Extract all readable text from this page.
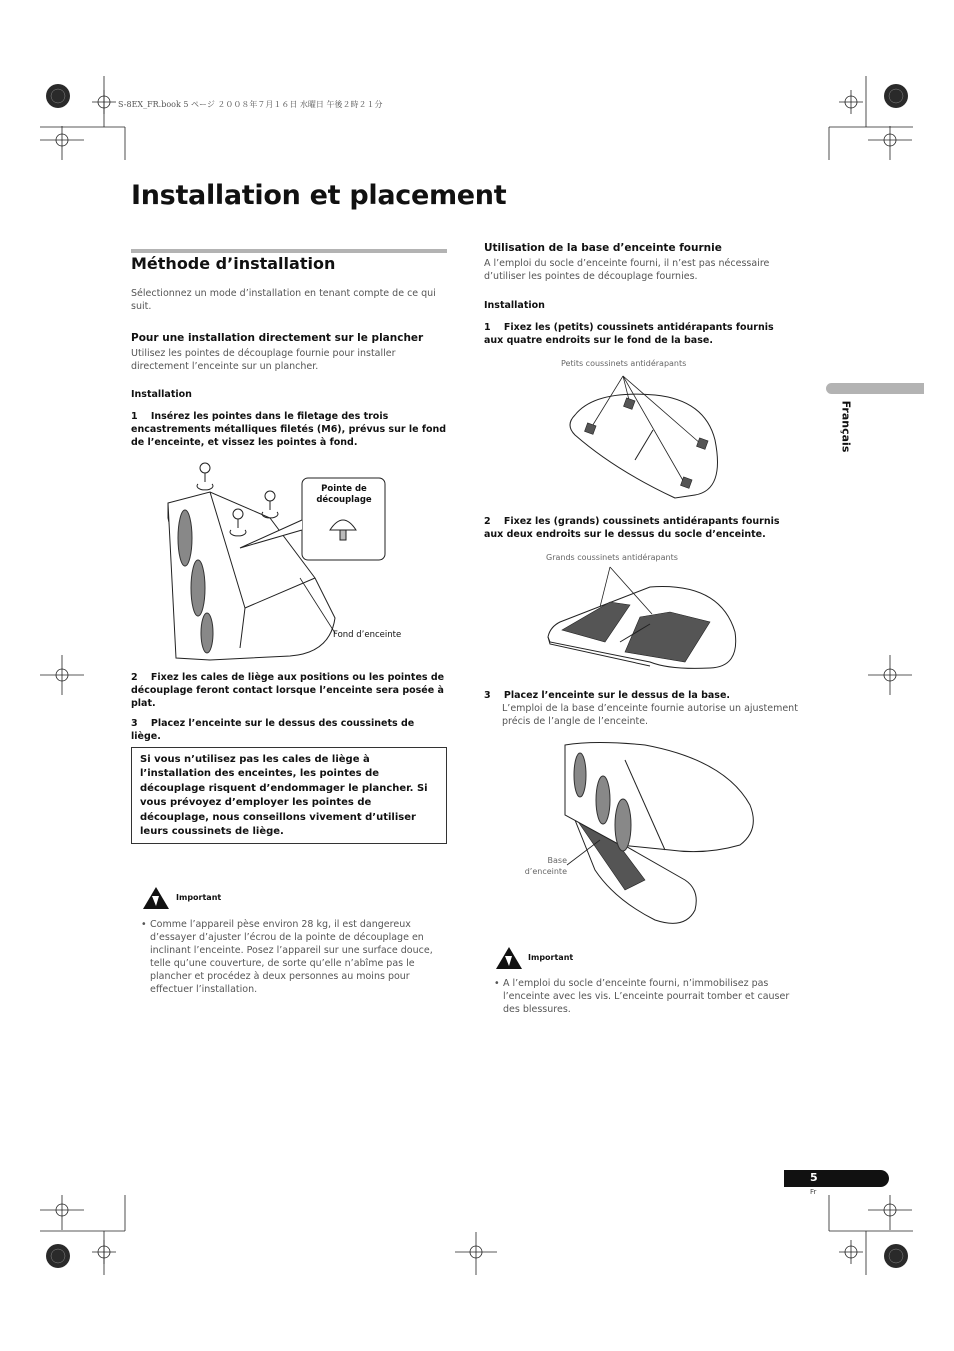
S-8EX_FR.book 5 ページ ２００８年７月１６日 水曜日 午後２時２１分
Installation et placement
Méthode d’installation
Sélectionnez un mode d’installation en tenant compte de ce qui suit.
Pour une installation directement sur le plancher
Utilisez les pointes de découplage fournie pour installer directement l’enceinte sur un plancher.
Installation
1 Insérez les pointes dans le filetage des trois encastrements métalliques filetés (M6), prévus sur le fond de l’enceinte, et vissez les pointes à fond.
Pointe de découplage
Fond d’enceinte
2 Fixez les cales de liège aux positions ou les pointes de découplage feront contact lorsque l’enceinte sera posée à plat.
3 Placez l’enceinte sur le dessus des coussinets de liège.
Si vous n’utilisez pas les cales de liège à l’installation des enceintes, les pointes de découplage risquent d’endommager le plancher. Si vous prévoyez d’employer les pointes de découplage, nous conseillons vivement d’utiliser leurs coussinets de liège.
Important
• Comme l’appareil pèse environ 28 kg, il est dangereux d’essayer d’ajuster l’écrou de la pointe de découplage en inclinant l’enceinte. Posez l’appareil sur une surface douce, telle qu’une couverture, de sorte qu’elle n’abîme pas le plancher et procédez à deux personnes au moins pour effectuer l’installation.
Utilisation de la base d’enceinte fournie
A l’emploi du socle d’enceinte fourni, il n’est pas nécessaire d’utiliser les pointes de découplage fournies.
Installation
1 Fixez les (petits) coussinets antidérapants fournis aux quatre endroits sur le fond de la base.
Petits coussinets antidérapants
2 Fixez les (grands) coussinets antidérapants fournis aux deux endroits sur le dessus du socle d’enceinte.
Grands coussinets antidérapants
3 Placez l’enceinte sur le dessus de la base.
L’emploi de la base d’enceinte fournie autorise un ajustement précis de l’angle de l’enceinte.
Base d’enceinte
Important
• A l’emploi du socle d’enceinte fourni, n’immobilisez pas l’enceinte avec les vis. L’enceinte pourrait tomber et causer des blessures.
Français
5
Fr
